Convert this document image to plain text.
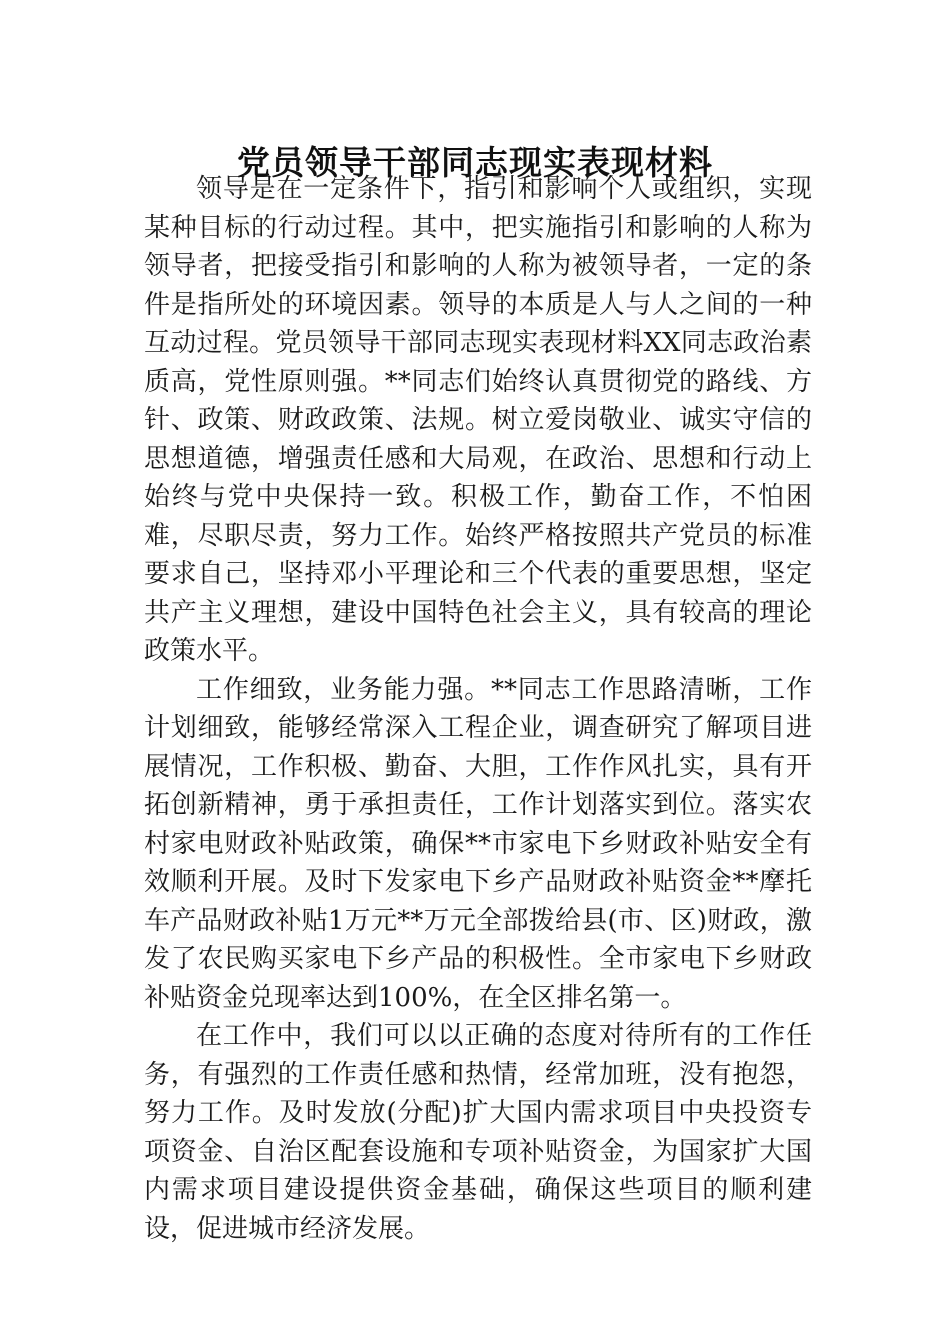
党员领导干部同志现实表现材料

领导是在一定条件下，指引和影响个人或组织，实现某种目标的行动过程。其中，把实施指引和影响的人称为领导者，把接受指引和影响的人称为被领导者，一定的条件是指所处的环境因素。领导的本质是人与人之间的一种互动过程。党员领导干部同志现实表现材料XX同志政治素质高，党性原则强。**同志们始终认真贯彻党的路线、方针、政策、财政政策、法规。树立爱岗敬业、诚实守信的思想道德，增强责任感和大局观，在政治、思想和行动上始终与党中央保持一致。积极工作，勤奋工作，不怕困难，尽职尽责，努力工作。始终严格按照共产党员的标准要求自己，坚持邓小平理论和三个代表的重要思想，坚定共产主义理想，建设中国特色社会主义，具有较高的理论政策水平。

工作细致，业务能力强。**同志工作思路清晰，工作计划细致，能够经常深入工程企业，调查研究了解项目进展情况，工作积极、勤奋、大胆，工作作风扎实，具有开拓创新精神，勇于承担责任，工作计划落实到位。落实农村家电财政补贴政策，确保**市家电下乡财政补贴安全有效顺利开展。及时下发家电下乡产品财政补贴资金**摩托车产品财政补贴1万元**万元全部拨给县(市、区)财政，激发了农民购买家电下乡产品的积极性。全市家电下乡财政补贴资金兑现率达到100%，在全区排名第一。

在工作中，我们可以以正确的态度对待所有的工作任务，有强烈的工作责任感和热情，经常加班，没有抱怨，努力工作。及时发放(分配)扩大国内需求项目中央投资专项资金、自治区配套设施和专项补贴资金，为国家扩大国内需求项目建设提供资金基础，确保这些项目的顺利建设，促进城市经济发展。
